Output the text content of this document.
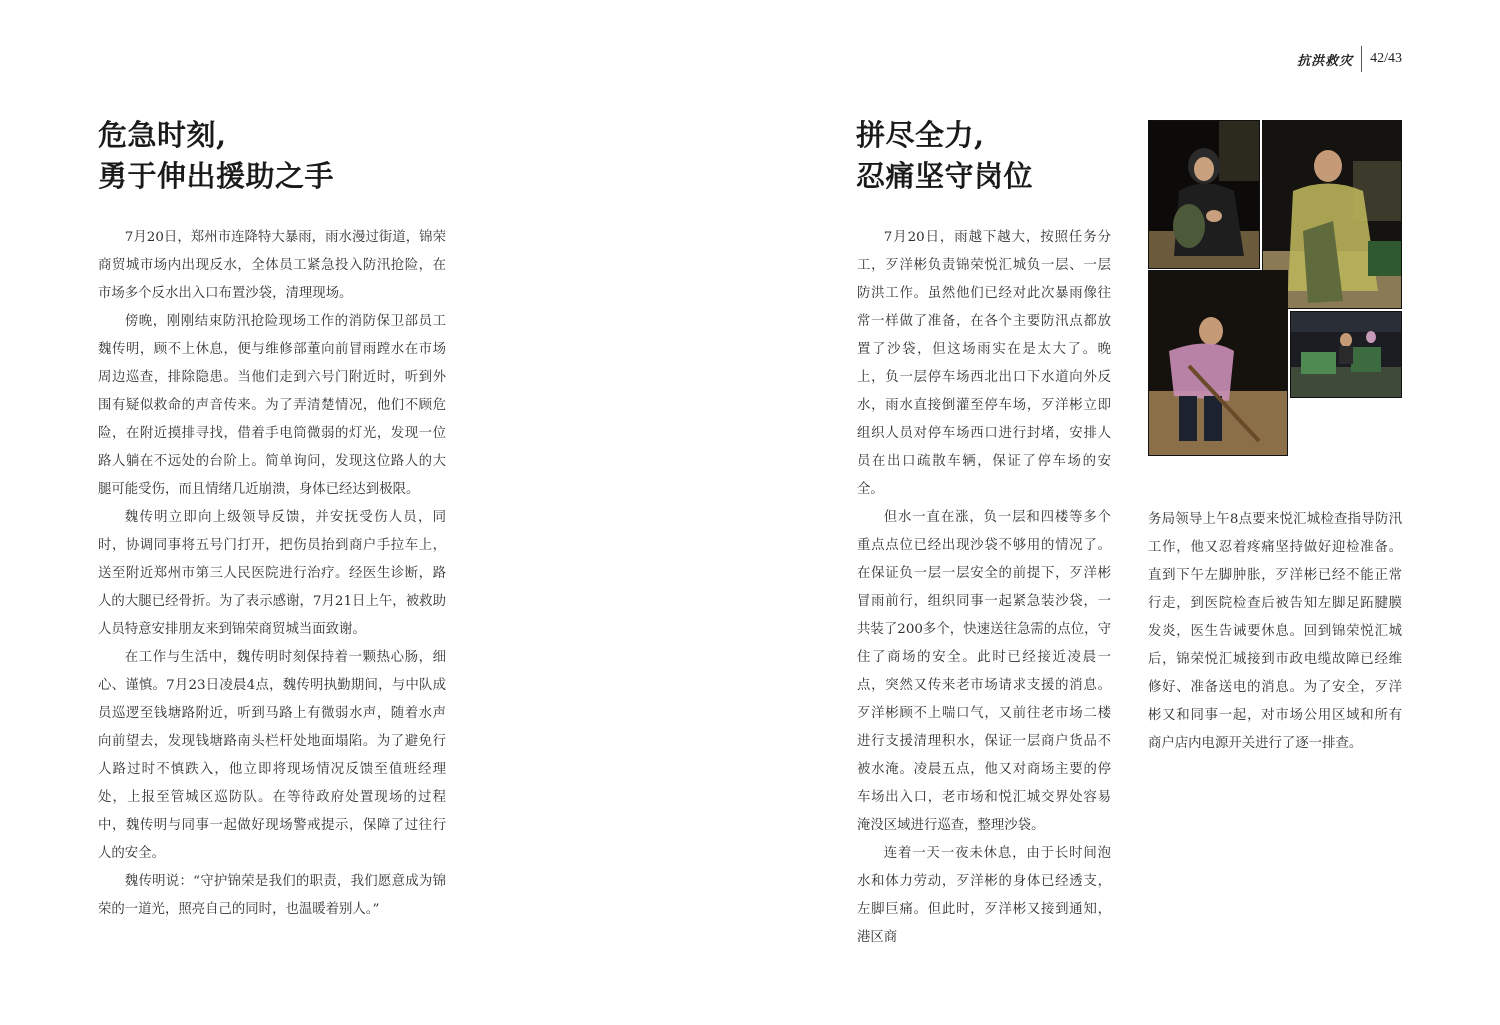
抗洪救灾	42/43
危急时刻,
勇于伸出援助之手

7月20日，郑州市连降特大暴雨，雨水漫过街道，锦荣商贸城市场内出现反水，全体员工紧急投入防汛抢险，在市场多个反水出入口布置沙袋，清理现场。

傍晚，刚刚结束防汛抢险现场工作的消防保卫部员工魏传明，顾不上休息，便与维修部董向前冒雨蹚水在市场周边巡查，排除隐患。当他们走到六号门附近时，听到外围有疑似救命的声音传来。为了弄清楚情况，他们不顾危险，在附近摸排寻找，借着手电筒微弱的灯光，发现一位路人躺在不远处的台阶上。简单询问，发现这位路人的大腿可能受伤，而且情绪几近崩溃，身体已经达到极限。

魏传明立即向上级领导反馈，并安抚受伤人员，同时，协调同事将五号门打开，把伤员抬到商户手拉车上，送至附近郑州市第三人民医院进行治疗。经医生诊断，路人的大腿已经骨折。为了表示感谢，7月21日上午，被救助人员特意安排朋友来到锦荣商贸城当面致谢。

在工作与生活中，魏传明时刻保持着一颗热心肠，细心、谨慎。7月23日凌晨4点，魏传明执勤期间，与中队成员巡逻至钱塘路附近，听到马路上有微弱水声，随着水声向前望去，发现钱塘路南头栏杆处地面塌陷。为了避免行人路过时不慎跌入，他立即将现场情况反馈至值班经理处，上报至管城区巡防队。在等待政府处置现场的过程中，魏传明与同事一起做好现场警戒提示，保障了过往行人的安全。

魏传明说：“守护锦荣是我们的职责，我们愿意成为锦荣的一道光，照亮自己的同时，也温暖着别人。”

拼尽全力,
忍痛坚守岗位

7月20日，雨越下越大，按照任务分工，歹洋彬负责锦荣悦汇城负一层、一层防洪工作。虽然他们已经对此次暴雨像往常一样做了准备，在各个主要防汛点都放置了沙袋，但这场雨实在是太大了。晚上，负一层停车场西北出口下水道向外反水，雨水直接倒灌至停车场，歹洋彬立即组织人员对停车场西口进行封堵，安排人员在出口疏散车辆，保证了停车场的安全。

但水一直在涨，负一层和四楼等多个重点点位已经出现沙袋不够用的情况了。在保证负一层一层安全的前提下，歹洋彬冒雨前行，组织同事一起紧急装沙袋，一共装了200多个，快速送往急需的点位，守住了商场的安全。此时已经接近凌晨一点，突然又传来老市场请求支援的消息。歹洋彬顾不上喘口气，又前往老市场二楼进行支援清理积水，保证一层商户货品不被水淹。凌晨五点，他又对商场主要的停车场出入口，老市场和悦汇城交界处容易淹没区域进行巡查，整理沙袋。

连着一天一夜未休息，由于长时间泡水和体力劳动，歹洋彬的身体已经透支，左脚巨痛。但此时，歹洋彬又接到通知，港区商

务局领导上午8点要来悦汇城检查指导防汛工作，他又忍着疼痛坚持做好迎检准备。直到下午左脚肿胀，歹洋彬已经不能正常行走，到医院检查后被告知左脚足跖腱膜发炎，医生告诫要休息。回到锦荣悦汇城后，锦荣悦汇城接到市政电缆故障已经维修好、准备送电的消息。为了安全，歹洋彬又和同事一起，对市场公用区域和所有商户店内电源开关进行了逐一排查。
